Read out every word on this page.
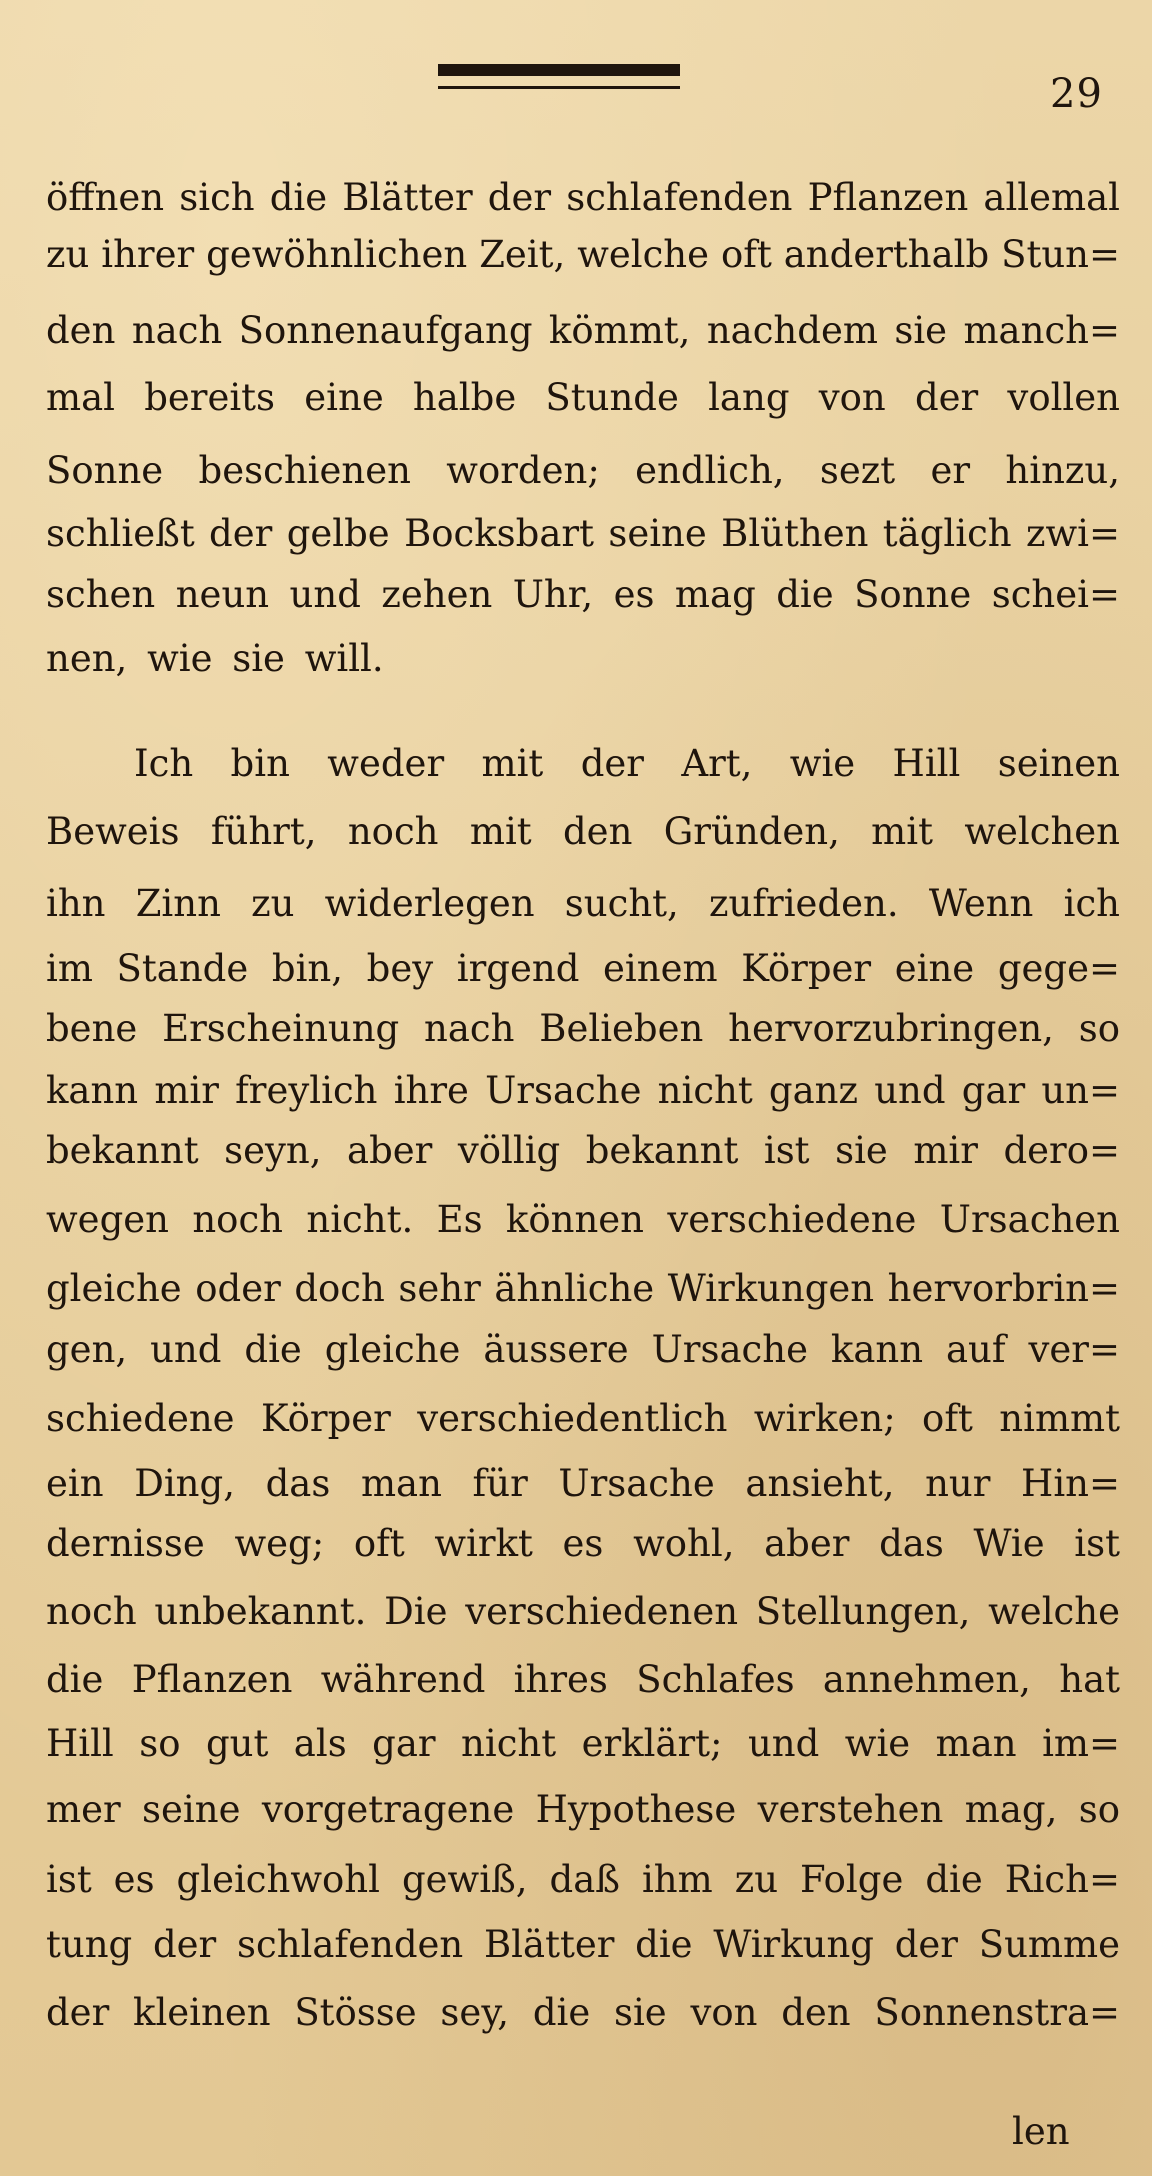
29
öffnen sich die Blätter der schlafenden Pflanzen allemal
zu ihrer gewöhnlichen Zeit, welche oft anderthalb Stun=
den nach Sonnenaufgang kömmt, nachdem sie manch=
mal bereits eine halbe Stunde lang von der vollen
Sonne beschienen worden; endlich, sezt er hinzu,
schließt der gelbe Bocksbart seine Blüthen täglich zwi=
schen neun und zehen Uhr, es mag die Sonne schei=
nen, wie sie will.
Ich bin weder mit der Art, wie Hill seinen
Beweis führt, noch mit den Gründen, mit welchen
ihn Zinn zu widerlegen sucht, zufrieden. Wenn ich
im Stande bin, bey irgend einem Körper eine gege=
bene Erscheinung nach Belieben hervorzubringen, so
kann mir freylich ihre Ursache nicht ganz und gar un=
bekannt seyn, aber völlig bekannt ist sie mir dero=
wegen noch nicht. Es können verschiedene Ursachen
gleiche oder doch sehr ähnliche Wirkungen hervorbrin=
gen, und die gleiche äussere Ursache kann auf ver=
schiedene Körper verschiedentlich wirken; oft nimmt
ein Ding, das man für Ursache ansieht, nur Hin=
dernisse weg; oft wirkt es wohl, aber das Wie ist
noch unbekannt. Die verschiedenen Stellungen, welche
die Pflanzen während ihres Schlafes annehmen, hat
Hill so gut als gar nicht erklärt; und wie man im=
mer seine vorgetragene Hypothese verstehen mag, so
ist es gleichwohl gewiß, daß ihm zu Folge die Rich=
tung der schlafenden Blätter die Wirkung der Summe
der kleinen Stösse sey, die sie von den Sonnenstra=
len
